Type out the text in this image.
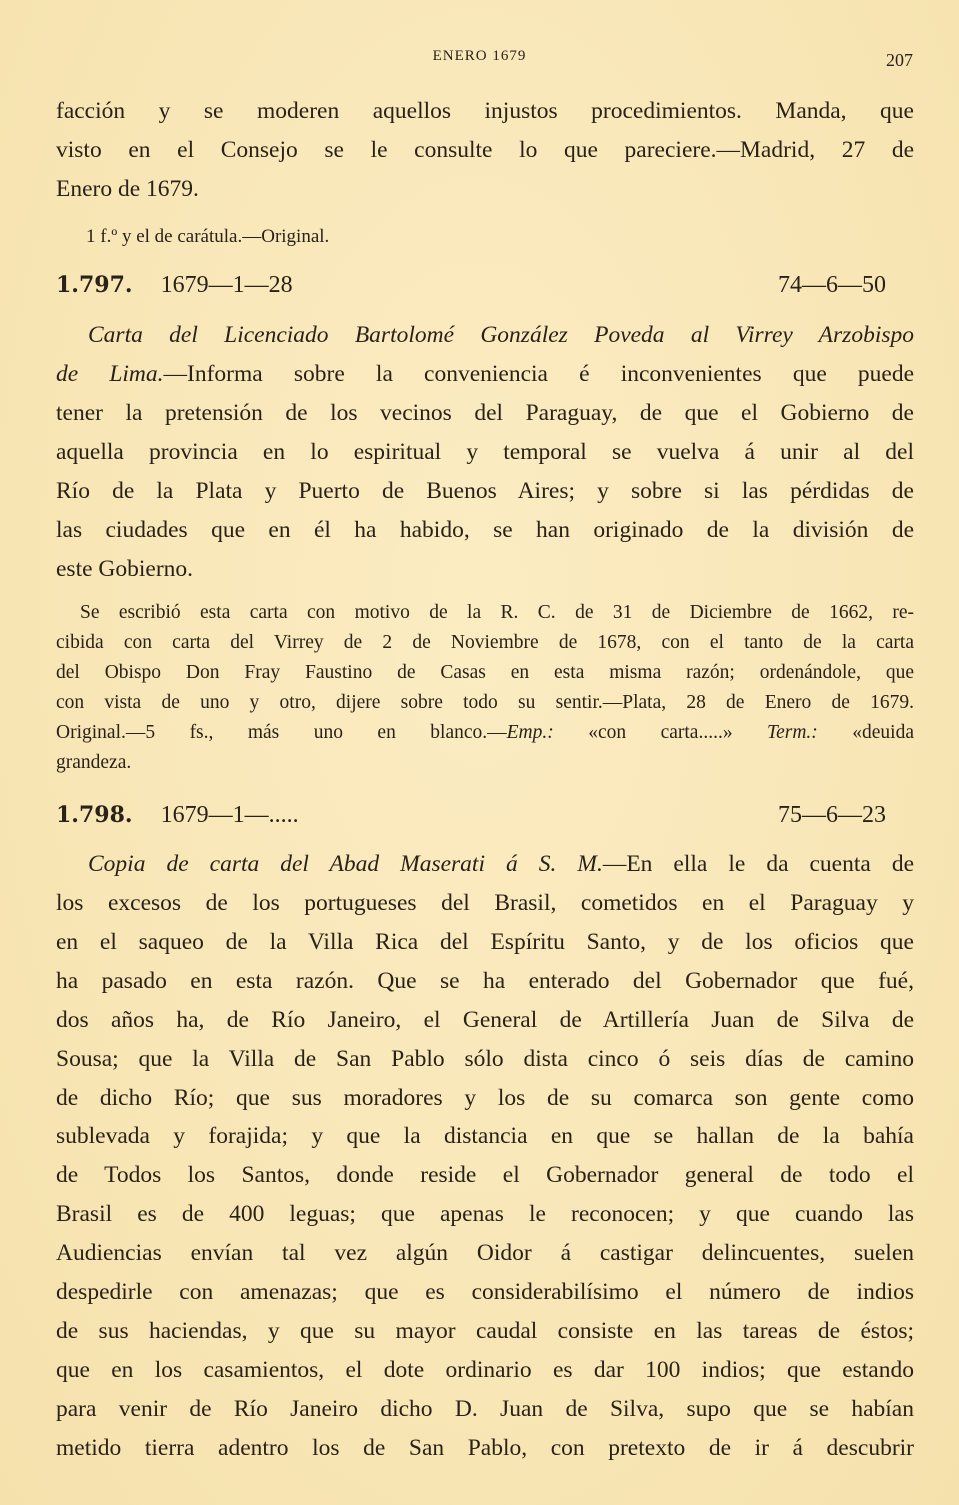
ENERO 1679	207
facción y se moderen aquellos injustos procedimientos. Manda, que
visto en el Consejo se le consulte lo que pareciere.—Madrid, 27 de
Enero de 1679.
1 f.º y el de carátula.—Original.
1.797. 1679—1—28	74—6—50
Carta del Licenciado Bartolomé González Poveda al Virrey Arzobispo
de Lima.—Informa sobre la conveniencia é inconvenientes que puede
tener la pretensión de los vecinos del Paraguay, de que el Gobierno de
aquella provincia en lo espiritual y temporal se vuelva á unir al del
Río de la Plata y Puerto de Buenos Aires; y sobre si las pérdidas de
las ciudades que en él ha habido, se han originado de la división de
este Gobierno.
Se escribió esta carta con motivo de la R. C. de 31 de Diciembre de 1662, re-
cibida con carta del Virrey de 2 de Noviembre de 1678, con el tanto de la carta
del Obispo Don Fray Faustino de Casas en esta misma razón; ordenándole, que
con vista de uno y otro, dijere sobre todo su sentir.—Plata, 28 de Enero de 1679.
Original.—5 fs., más uno en blanco.—Emp.: «con carta.....» Term.: «deuida
grandeza.
1.798. 1679—1—.....	75—6—23
Copia de carta del Abad Maserati á S. M.—En ella le da cuenta de
los excesos de los portugueses del Brasil, cometidos en el Paraguay y
en el saqueo de la Villa Rica del Espíritu Santo, y de los oficios que
ha pasado en esta razón. Que se ha enterado del Gobernador que fué,
dos años ha, de Río Janeiro, el General de Artillería Juan de Silva de
Sousa; que la Villa de San Pablo sólo dista cinco ó seis días de camino
de dicho Río; que sus moradores y los de su comarca son gente como
sublevada y forajida; y que la distancia en que se hallan de la bahía
de Todos los Santos, donde reside el Gobernador general de todo el
Brasil es de 400 leguas; que apenas le reconocen; y que cuando las
Audiencias envían tal vez algún Oidor á castigar delincuentes, suelen
despedirle con amenazas; que es considerabilísimo el número de indios
de sus haciendas, y que su mayor caudal consiste en las tareas de éstos;
que en los casamientos, el dote ordinario es dar 100 indios; que estando
para venir de Río Janeiro dicho D. Juan de Silva, supo que se habían
metido tierra adentro los de San Pablo, con pretexto de ir á descubrir
